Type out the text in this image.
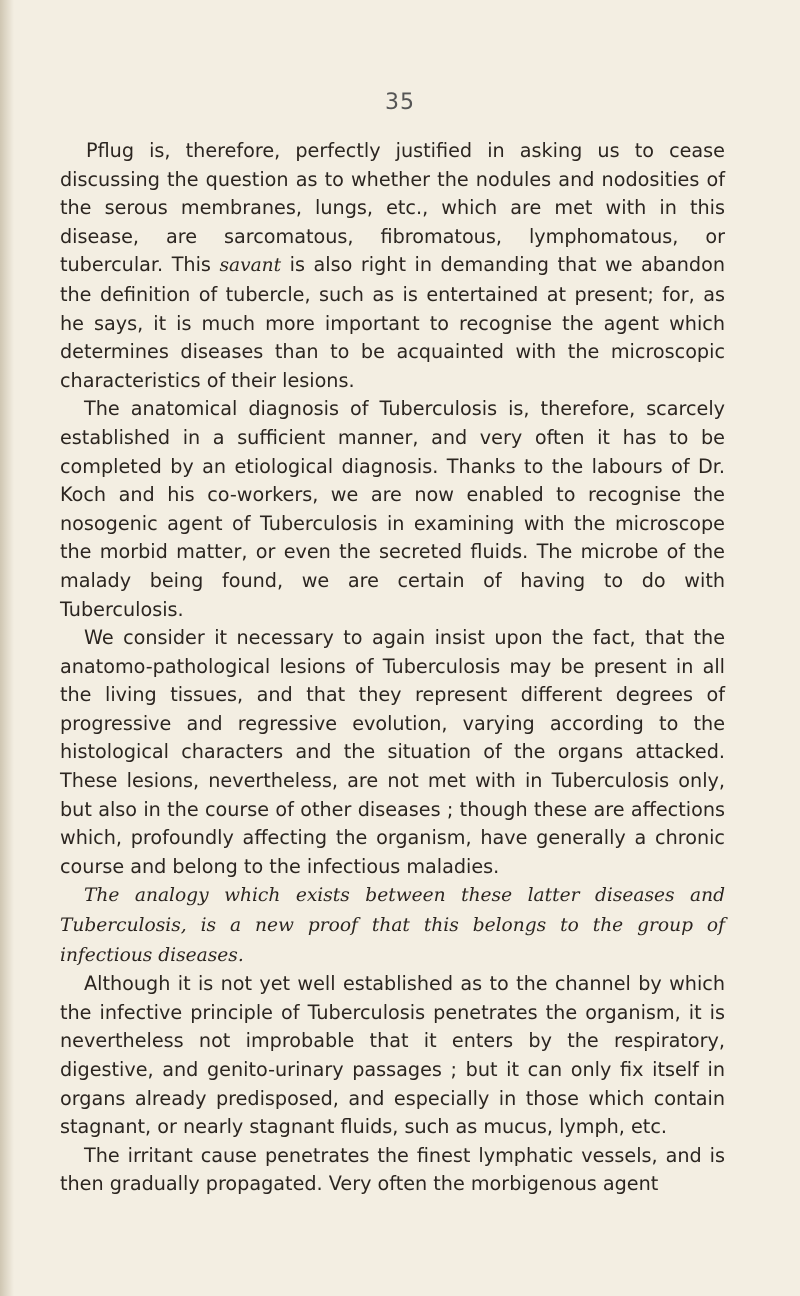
35

Pflug is, therefore, perfectly justified in asking us to cease discussing the question as to whether the nodules and nodosities of the serous membranes, lungs, etc., which are met with in this disease, are sarcomatous, fibromatous, lymphomatous, or tubercular. This savant is also right in demanding that we abandon the definition of tubercle, such as is entertained at present; for, as he says, it is much more important to recognise the agent which determines diseases than to be acquainted with the microscopic characteristics of their lesions.

The anatomical diagnosis of Tuberculosis is, therefore, scarcely established in a sufficient manner, and very often it has to be completed by an etiological diagnosis. Thanks to the labours of Dr. Koch and his co-workers, we are now enabled to recognise the nosogenic agent of Tuberculosis in examining with the microscope the morbid matter, or even the secreted fluids. The microbe of the malady being found, we are certain of having to do with Tuberculosis.

We consider it necessary to again insist upon the fact, that the anatomo-pathological lesions of Tuberculosis may be present in all the living tissues, and that they represent different degrees of progressive and regressive evolution, varying according to the histological characters and the situation of the organs attacked. These lesions, nevertheless, are not met with in Tuberculosis only, but also in the course of other diseases ; though these are affections which, profoundly affecting the organism, have generally a chronic course and belong to the infectious maladies.

The analogy which exists between these latter diseases and Tuberculosis, is a new proof that this belongs to the group of infectious diseases.

Although it is not yet well established as to the channel by which the infective principle of Tuberculosis penetrates the organism, it is nevertheless not improbable that it enters by the respiratory, digestive, and genito-urinary passages ; but it can only fix itself in organs already predisposed, and especially in those which contain stagnant, or nearly stagnant fluids, such as mucus, lymph, etc.

The irritant cause penetrates the finest lymphatic vessels, and is then gradually propagated. Very often the morbigenous agent
